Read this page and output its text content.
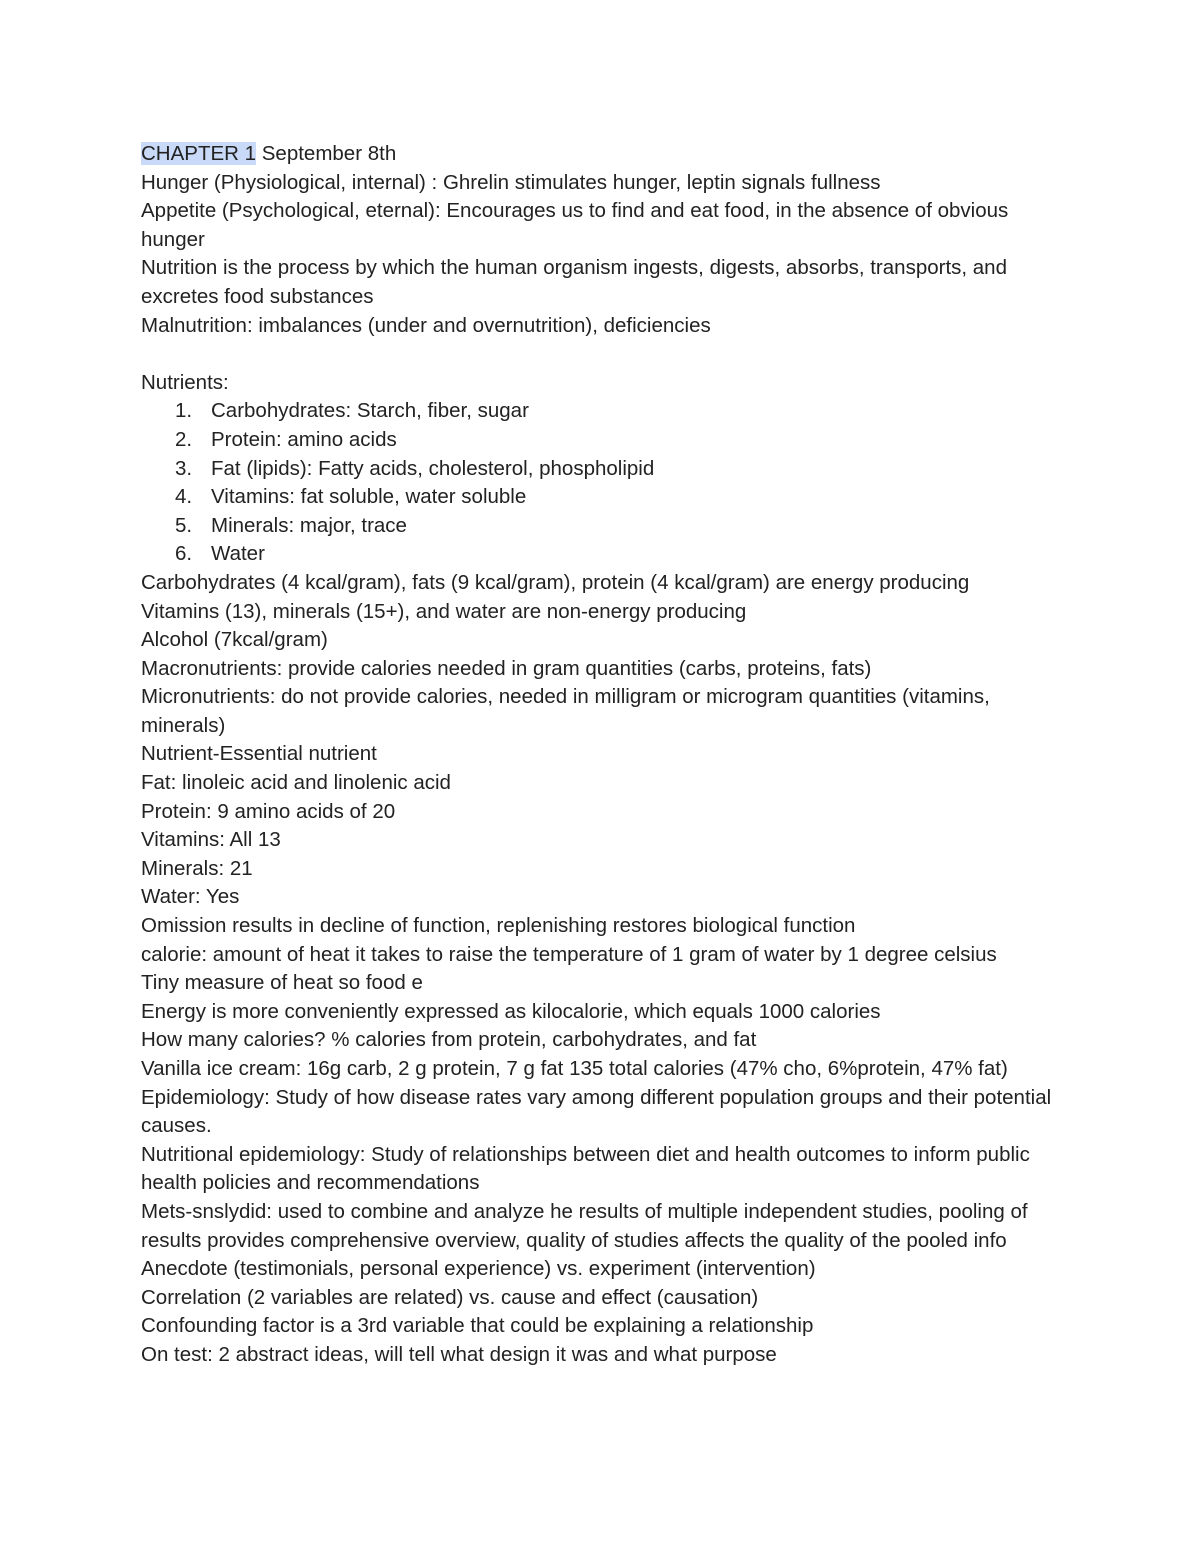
CHAPTER 1 September 8th

Hunger (Physiological, internal) : Ghrelin stimulates hunger, leptin signals fullness

Appetite (Psychological, eternal): Encourages us to find and eat food, in the absence of obvious hunger

Nutrition is the process by which the human organism ingests, digests, absorbs, transports, and excretes food substances

Malnutrition: imbalances (under and overnutrition), deficiencies

Nutrients:

1. Carbohydrates: Starch, fiber, sugar
2. Protein: amino acids
3. Fat (lipids): Fatty acids, cholesterol, phospholipid
4. Vitamins: fat soluble, water soluble
5. Minerals: major, trace
6. Water

Carbohydrates (4 kcal/gram), fats (9 kcal/gram), protein (4 kcal/gram) are energy producing

Vitamins (13), minerals (15+), and water are non-energy producing

Alcohol (7kcal/gram)

Macronutrients: provide calories needed in gram quantities (carbs, proteins, fats)

Micronutrients: do not provide calories, needed in milligram or microgram quantities (vitamins, minerals)

Nutrient-Essential nutrient

Fat: linoleic acid and linolenic acid

Protein: 9 amino acids of 20

Vitamins: All 13

Minerals: 21

Water: Yes

Omission results in decline of function, replenishing restores biological function

calorie: amount of heat it takes to raise the temperature of 1 gram of water by 1 degree celsius

Tiny measure of heat so food e

Energy is more conveniently expressed as kilocalorie, which equals 1000 calories

How many calories? % calories from protein, carbohydrates, and fat

Vanilla ice cream: 16g carb, 2 g protein, 7 g fat 135 total calories (47% cho, 6%protein, 47% fat)

Epidemiology: Study of how disease rates vary among different population groups and their potential causes.

Nutritional epidemiology: Study of relationships between diet and health outcomes to inform public health policies and recommendations

Mets-snslydid: used to combine and analyze he results of multiple independent studies, pooling of results provides comprehensive overview, quality of studies affects the quality of the pooled info

Anecdote (testimonials, personal experience) vs. experiment (intervention)

Correlation (2 variables are related) vs. cause and effect (causation)

Confounding factor is a 3rd variable that could be explaining a relationship

On test: 2 abstract ideas, will tell what design it was and what purpose
